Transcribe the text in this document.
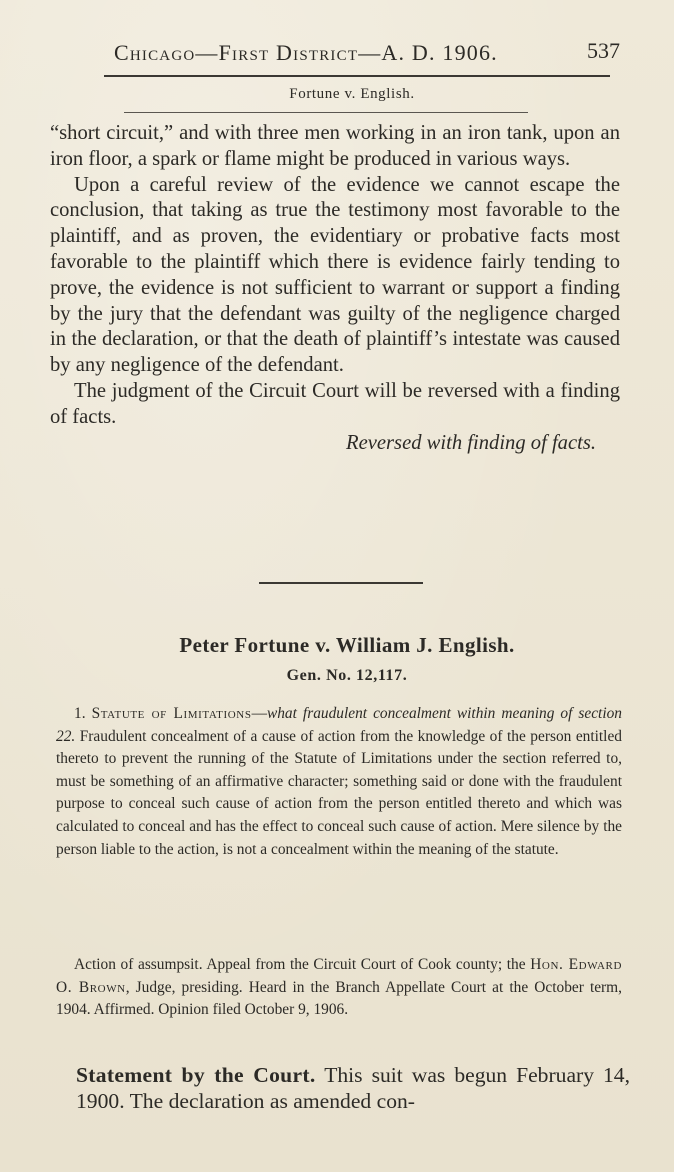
Chicago—First District—A. D. 1906.	537
Fortune v. English.

“short circuit,” and with three men working in an iron tank, upon an iron floor, a spark or flame might be produced in various ways.

Upon a careful review of the evidence we cannot escape the conclusion, that taking as true the testimony most favorable to the plaintiff, and as proven, the evidentiary or probative facts most favorable to the plaintiff which there is evidence fairly tending to prove, the evidence is not sufficient to warrant or support a finding by the jury that the defendant was guilty of the negligence charged in the declaration, or that the death of plaintiff’s intestate was caused by any negligence of the defendant.

The judgment of the Circuit Court will be reversed with a finding of facts.

Reversed with finding of facts.

Peter Fortune v. William J. English.
Gen. No. 12,117.

1. Statute of Limitations—what fraudulent concealment within meaning of section 22. Fraudulent concealment of a cause of action from the knowledge of the person entitled thereto to prevent the running of the Statute of Limitations under the section referred to, must be something of an affirmative character; something said or done with the fraudulent purpose to conceal such cause of action from the person entitled thereto and which was calculated to conceal and has the effect to conceal such cause of action. Mere silence by the person liable to the action, is not a concealment within the meaning of the statute.

Action of assumpsit. Appeal from the Circuit Court of Cook county; the Hon. Edward O. Brown, Judge, presiding. Heard in the Branch Appellate Court at the October term, 1904. Affirmed. Opinion filed October 9, 1906.

Statement by the Court. This suit was begun February 14, 1900. The declaration as amended con-
